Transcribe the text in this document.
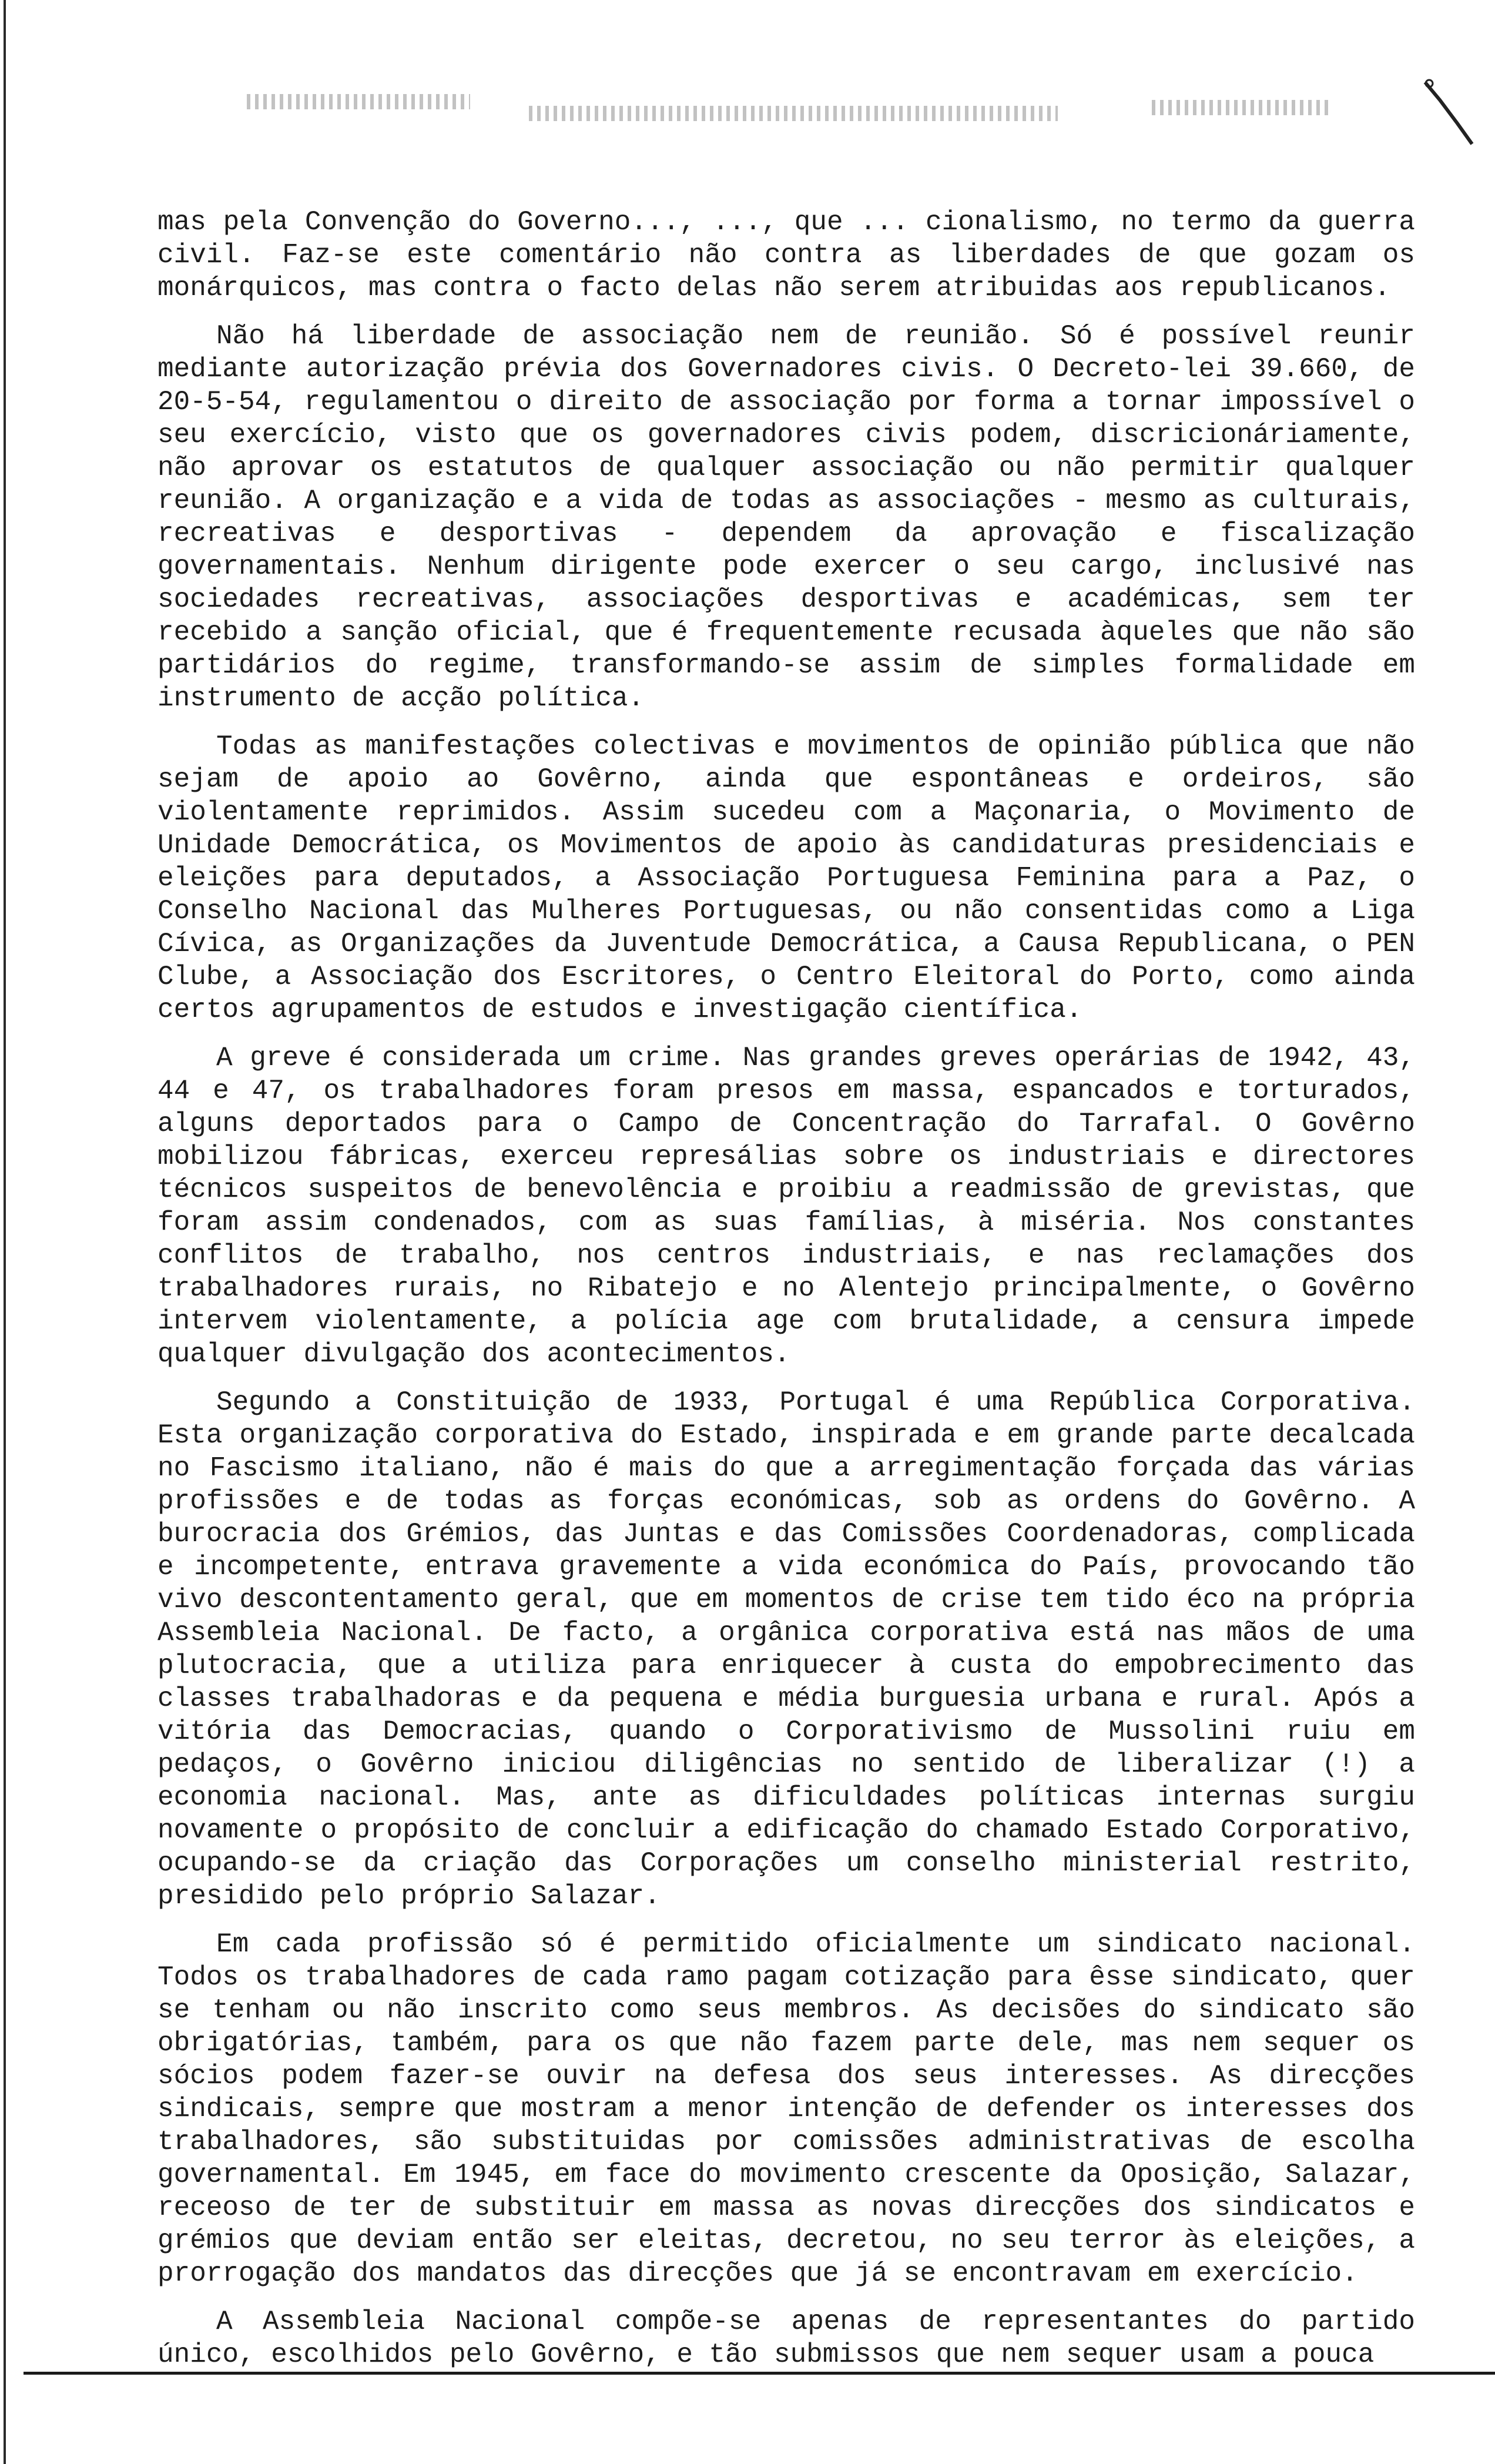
mas pela Convenção do Governo..., ..., que ... cionalismo, no termo da guerra civil. Faz-se este comentário não contra as liberdades de que gozam os monárquicos, mas contra o facto delas não serem atribuidas aos republicanos.

Não há liberdade de associação nem de reunião. Só é possível reunir mediante autorização prévia dos Governadores civis. O Decreto-lei 39.660, de 20-5-54, regulamentou o direito de associação por forma a tornar impossível o seu exercício, visto que os governadores civis podem, discricionáriamente, não aprovar os estatutos de qualquer associação ou não permitir qualquer reunião. A organização e a vida de todas as associações - mesmo as culturais, recreativas e desportivas - dependem da aprovação e fiscalização governamentais. Nenhum dirigente pode exercer o seu cargo, inclusivé nas sociedades recreativas, associações desportivas e académicas, sem ter recebido a sanção oficial, que é frequentemente recusada àqueles que não são partidários do regime, transformando-se assim de simples formalidade em instrumento de acção política.

Todas as manifestações colectivas e movimentos de opinião pública que não sejam de apoio ao Govêrno, ainda que espontâneas e ordeiros, são violentamente reprimidos. Assim sucedeu com a Maçonaria, o Movimento de Unidade Democrática, os Movimentos de apoio às candidaturas presidenciais e eleições para deputados, a Associação Portuguesa Feminina para a Paz, o Conselho Nacional das Mulheres Portuguesas, ou não consentidas como a Liga Cívica, as Organizações da Juventude Democrática, a Causa Republicana, o PEN Clube, a Associação dos Escritores, o Centro Eleitoral do Porto, como ainda certos agrupamentos de estudos e investigação científica.

A greve é considerada um crime. Nas grandes greves operárias de 1942, 43, 44 e 47, os trabalhadores foram presos em massa, espancados e torturados, alguns deportados para o Campo de Concentração do Tarrafal. O Govêrno mobilizou fábricas, exerceu represálias sobre os industriais e directores técnicos suspeitos de benevolência e proibiu a readmissão de grevistas, que foram assim condenados, com as suas famílias, à miséria. Nos constantes conflitos de trabalho, nos centros industriais, e nas reclamações dos trabalhadores rurais, no Ribatejo e no Alentejo principalmente, o Govêrno intervem violentamente, a polícia age com brutalidade, a censura impede qualquer divulgação dos acontecimentos.

Segundo a Constituição de 1933, Portugal é uma República Corporativa. Esta organização corporativa do Estado, inspirada e em grande parte decalcada no Fascismo italiano, não é mais do que a arregimentação forçada das várias profissões e de todas as forças económicas, sob as ordens do Govêrno. A burocracia dos Grémios, das Juntas e das Comissões Coordenadoras, complicada e incompetente, entrava gravemente a vida económica do País, provocando tão vivo descontentamento geral, que em momentos de crise tem tido éco na própria Assembleia Nacional. De facto, a orgânica corporativa está nas mãos de uma plutocracia, que a utiliza para enriquecer à custa do empobrecimento das classes trabalhadoras e da pequena e média burguesia urbana e rural. Após a vitória das Democracias, quando o Corporativismo de Mussolini ruiu em pedaços, o Govêrno iniciou diligências no sentido de liberalizar (!) a economia nacional. Mas, ante as dificuldades políticas internas surgiu novamente o propósito de concluir a edificação do chamado Estado Corporativo, ocupando-se da criação das Corporações um conselho ministerial restrito, presidido pelo próprio Salazar.

Em cada profissão só é permitido oficialmente um sindicato nacional. Todos os trabalhadores de cada ramo pagam cotização para êsse sindicato, quer se tenham ou não inscrito como seus membros. As decisões do sindicato são obrigatórias, também, para os que não fazem parte dele, mas nem sequer os sócios podem fazer-se ouvir na defesa dos seus interesses. As direcções sindicais, sempre que mostram a menor intenção de defender os interesses dos trabalhadores, são substituidas por comissões administrativas de escolha governamental. Em 1945, em face do movimento crescente da Oposição, Salazar, receoso de ter de substituir em massa as novas direcções dos sindicatos e grémios que deviam então ser eleitas, decretou, no seu terror às eleições, a prorrogação dos mandatos das direcções que já se encontravam em exercício.

A Assembleia Nacional compõe-se apenas de representantes do partido único, escolhidos pelo Govêrno, e tão submissos que nem sequer usam a pouca
